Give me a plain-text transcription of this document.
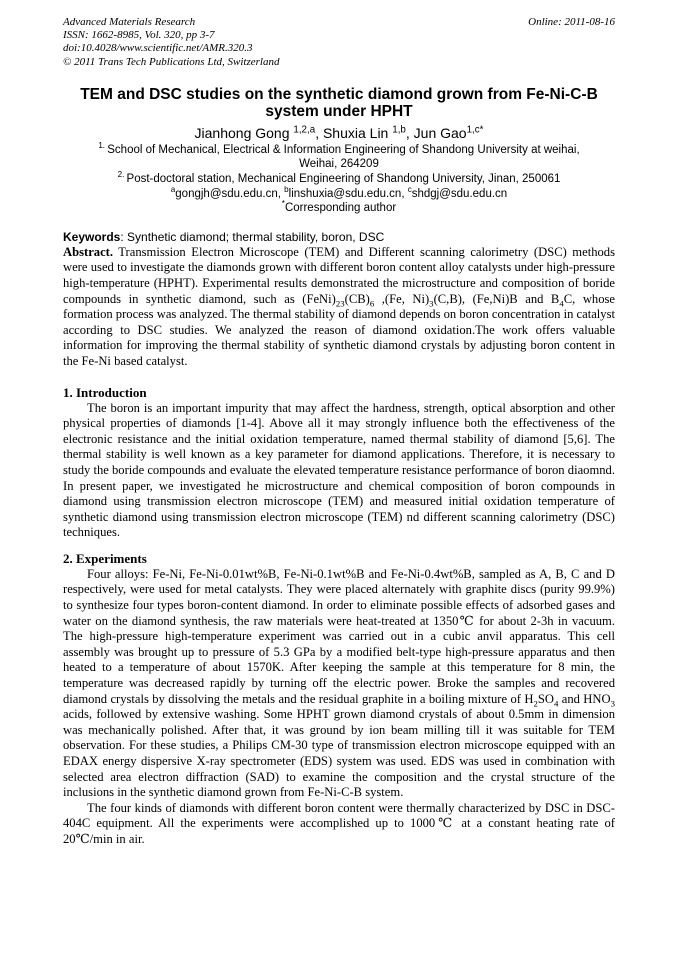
Advanced Materials Research
ISSN: 1662-8985, Vol. 320, pp 3-7
doi:10.4028/www.scientific.net/AMR.320.3
© 2011 Trans Tech Publications Ltd, Switzerland
Online: 2011-08-16
TEM and DSC studies on the synthetic diamond grown from Fe-Ni-C-B system under HPHT
Jianhong Gong $^{1,2,a}$, Shuxia Lin $^{1,b}$, Jun Gao$^{1,c*}$
$^{1.}$ School of Mechanical, Electrical & Information Engineering of Shandong University at weihai,
Weihai, 264209
$^{2.}$ Post-doctoral station, Mechanical Engineering of Shandong University, Jinan, 250061
$^a$gongjh@sdu.edu.cn, $^b$linshuxia@sdu.edu.cn, $^c$shdgj@sdu.edu.cn
*Corresponding author
Keywords: Synthetic diamond; thermal stability, boron, DSC

Abstract. Transmission Electron Microscope (TEM) and Different scanning calorimetry (DSC) methods were used to investigate the diamonds grown with different boron content alloy catalysts under high-pressure high-temperature (HPHT). Experimental results demonstrated the microstructure and composition of boride compounds in synthetic diamond, such as $(FeNi)_{23}(CB)_6$ ,(Fe, $Ni)_3(C,B)$, (Fe,Ni)B and $B_4C$, whose formation process was analyzed. The thermal stability of diamond depends on boron concentration in catalyst according to DSC studies. We analyzed the reason of diamond oxidation.The work offers valuable information for improving the thermal stability of synthetic diamond crystals by adjusting boron content in the Fe-Ni based catalyst.

1. Introduction

The boron is an important impurity that may affect the hardness, strength, optical absorption and other physical properties of diamonds [1-4]. Above all it may strongly influence both the effectiveness of the electronic resistance and the initial oxidation temperature, named thermal stability of diamond [5,6]. The thermal stability is well known as a key parameter for diamond applications. Therefore, it is necessary to study the boride compounds and evaluate the elevated temperature resistance performance of boron diaomnd. In present paper, we investigated he microstructure and chemical composition of boron compounds in diamond using transmission electron microscope (TEM) and measured initial oxidation temperature of synthetic diamond using transmission electron microscope (TEM) nd different scanning calorimetry (DSC) techniques.

2. Experiments

Four alloys: Fe-Ni, Fe-Ni-0.01wt%B, Fe-Ni-0.1wt%B and Fe-Ni-0.4wt%B, sampled as A, B, C and D respectively, were used for metal catalysts. They were placed alternately with graphite discs (purity 99.9%) to synthesize four types boron-content diamond. In order to eliminate possible effects of adsorbed gases and water on the diamond synthesis, the raw materials were heat-treated at 1350℃ for about 2-3h in vacuum. The high-pressure high-temperature experiment was carried out in a cubic anvil apparatus. This cell assembly was brought up to pressure of 5.3 GPa by a modified belt-type high-pressure apparatus and then heated to a temperature of about 1570K. After keeping the sample at this temperature for 8 min, the temperature was decreased rapidly by turning off the electric power. Broke the samples and recovered diamond crystals by dissolving the metals and the residual graphite in a boiling mixture of $H_2SO_4$ and $HNO_3$ acids, followed by extensive washing. Some HPHT grown diamond crystals of about 0.5mm in dimension was mechanically polished. After that, it was ground by ion beam milling till it was suitable for TEM observation. For these studies, a Philips CM-30 type of transmission electron microscope equipped with an EDAX energy dispersive X-ray spectrometer (EDS) system was used. EDS was used in combination with selected area electron diffraction (SAD) to examine the composition and the crystal structure of the inclusions in the synthetic diamond grown from Fe-Ni-C-B system.

The four kinds of diamonds with different boron content were thermally characterized by DSC in DSC-404C equipment. All the experiments were accomplished up to 1000℃ at a constant heating rate of 20℃/min in air.
